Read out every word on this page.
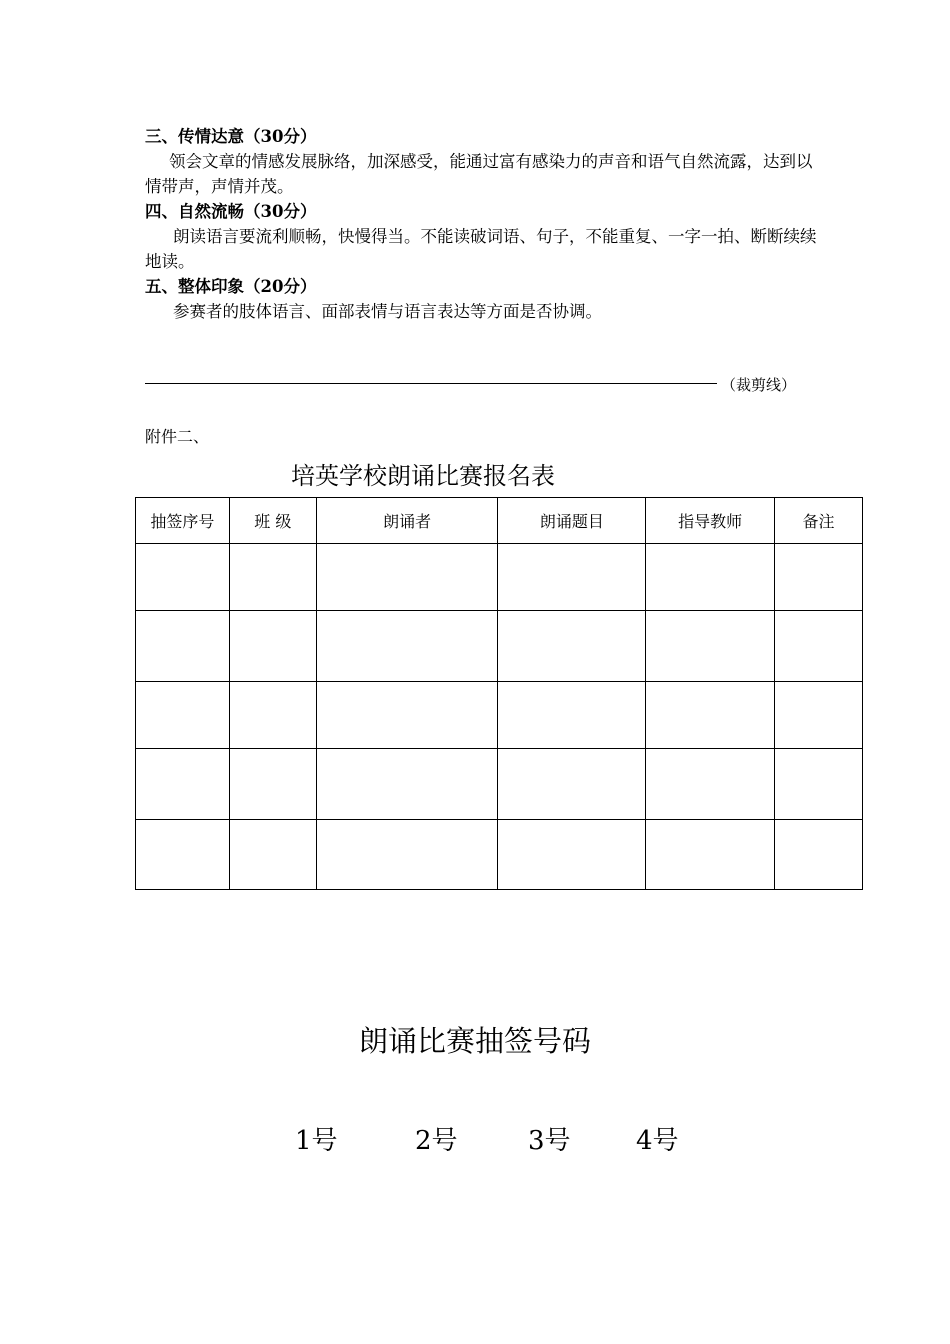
三、传情达意（30分）
领会文章的情感发展脉络，加深感受，能通过富有感染力的声音和语气自然流露，达到以情带声，声情并茂。
四、自然流畅（30分）
朗读语言要流利顺畅，快慢得当。不能读破词语、句子，不能重复、一字一拍、断断续续地读。
五、整体印象（20分）
参赛者的肢体语言、面部表情与语言表达等方面是否协调。
（裁剪线）
附件二、
培英学校朗诵比赛报名表
抽签序号	班 级	朗诵者	朗诵题目	指导教师	备注

朗诵比赛抽签号码
1号	2号	3号	4号
